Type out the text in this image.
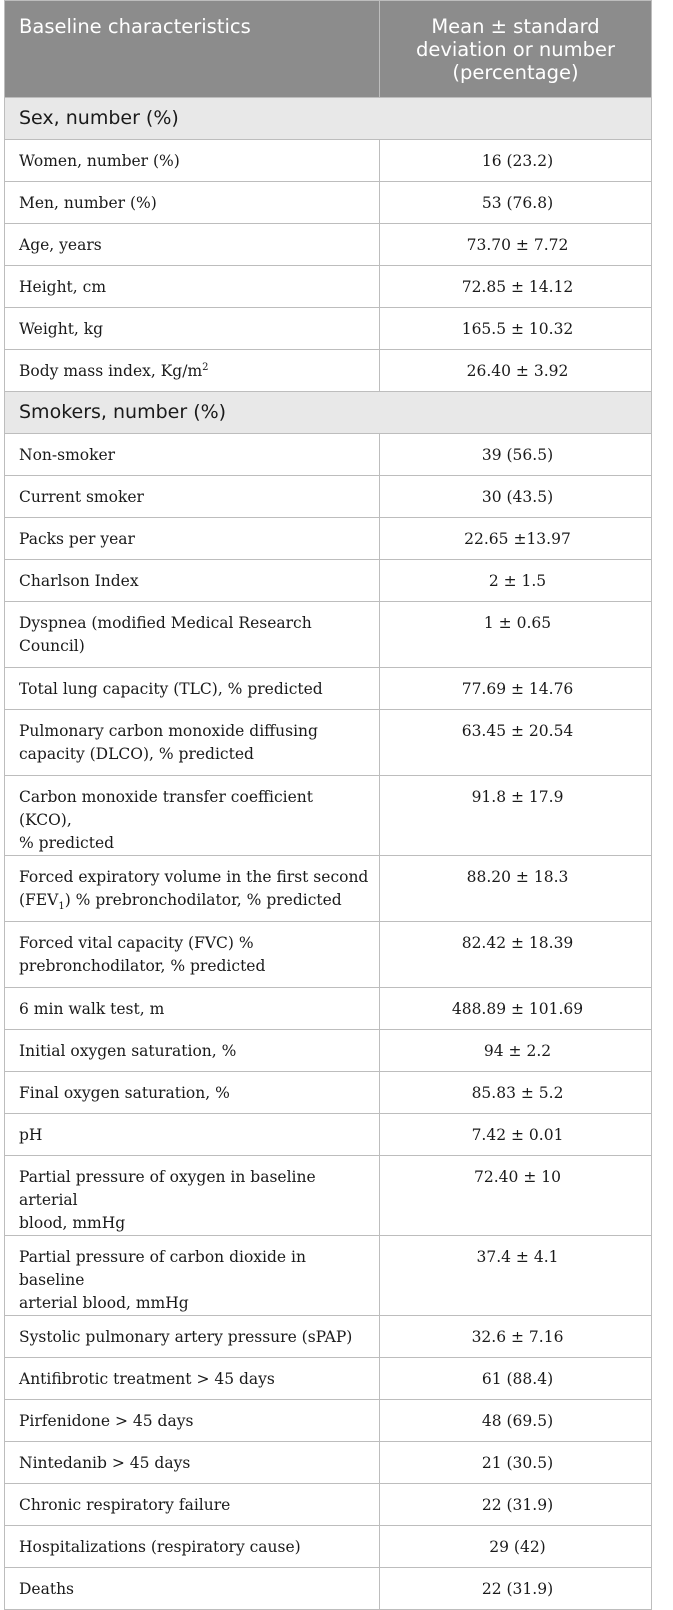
Baseline characteristics	Mean ± standard
deviation or number
(percentage)
Sex, number (%)	
Women, number (%)	16 (23.2)
Men, number (%)	53 (76.8)
Age, years	73.70 ± 7.72
Height, cm	72.85 ± 14.12
Weight, kg	165.5 ± 10.32
Body mass index, $Kg/m^2$	26.40 ± 3.92
Smokers, number (%)	
Non-smoker	39 (56.5)
Current smoker	30 (43.5)
Packs per year	22.65 ±13.97
Charlson Index	2 ± 1.5
Dyspnea (modified Medical Research
Council)	1 ± 0.65
Total lung capacity (TLC), % predicted	77.69 ± 14.76
Pulmonary carbon monoxide diffusing
capacity (DLCO), % predicted	63.45 ± 20.54
Carbon monoxide transfer coefficient (KCO),
% predicted	91.8 ± 17.9
Forced expiratory volume in the first second
$(FEV_1)$ % prebronchodilator, % predicted	88.20 ± 18.3
Forced vital capacity (FVC) %
prebronchodilator, % predicted	82.42 ± 18.39
6 min walk test, m	488.89 ± 101.69
Initial oxygen saturation, %	94 ± 2.2
Final oxygen saturation, %	85.83 ± 5.2
pH	7.42 ± 0.01
Partial pressure of oxygen in baseline arterial
blood, mmHg	72.40 ± 10
Partial pressure of carbon dioxide in baseline
arterial blood, mmHg	37.4 ± 4.1
Systolic pulmonary artery pressure (sPAP)	32.6 ± 7.16
Antifibrotic treatment > 45 days	61 (88.4)
Pirfenidone > 45 days	48 (69.5)
Nintedanib > 45 days	21 (30.5)
Chronic respiratory failure	22 (31.9)
Hospitalizations (respiratory cause)	29 (42)
Deaths	22 (31.9)
